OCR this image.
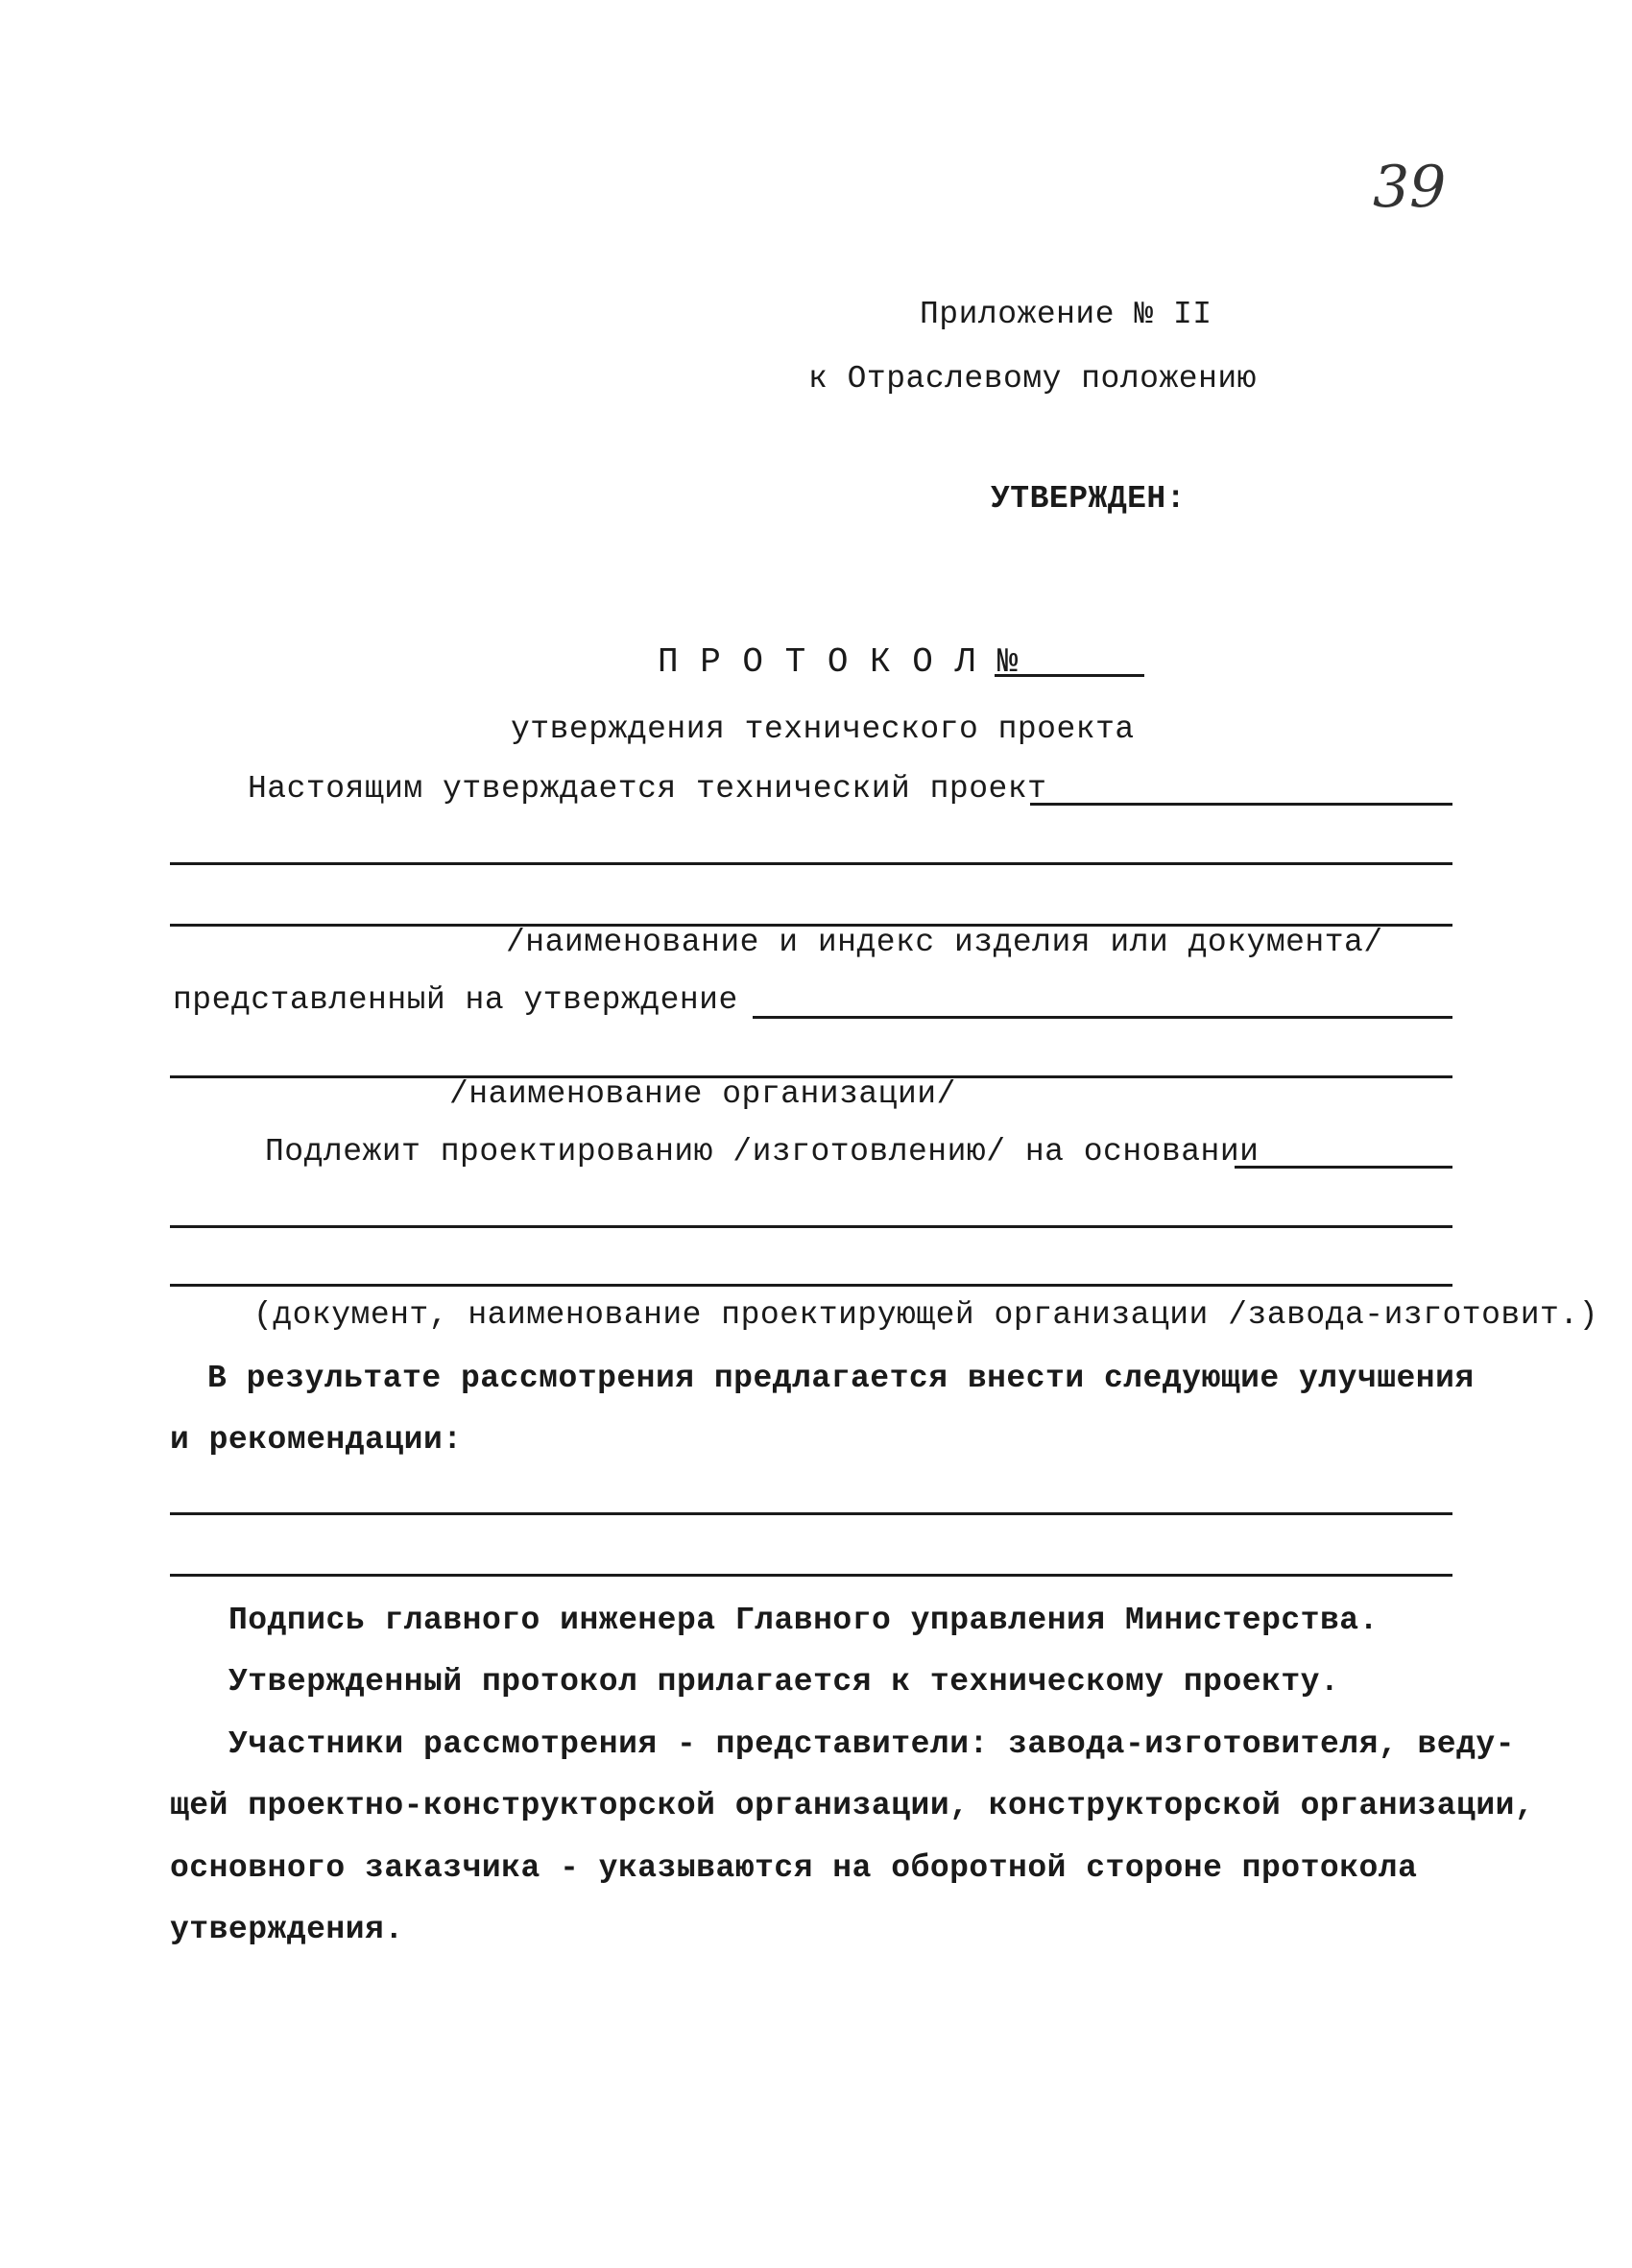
39
Приложение № II
к Отраслевому положению
УТВЕРЖДЕН:
П Р О Т О К О Л №
утверждения технического проекта
Настоящим утверждается технический проект
/наименование и индекс изделия или документа/
представленный на утверждение
/наименование организации/
Подлежит проектированию /изготовлению/ на основании
(документ, наименование проектирующей организации /завода-изготовит.)
В результате рассмотрения предлагается внести следующие улучшения
и рекомендации:
Подпись главного инженера Главного управления Министерства.
Утвержденный протокол прилагается к техническому проекту.
Участники рассмотрения - представители: завода-изготовителя, веду-
щей проектно-конструкторской организации, конструкторской организации,
основного заказчика - указываются на оборотной стороне протокола
утверждения.
